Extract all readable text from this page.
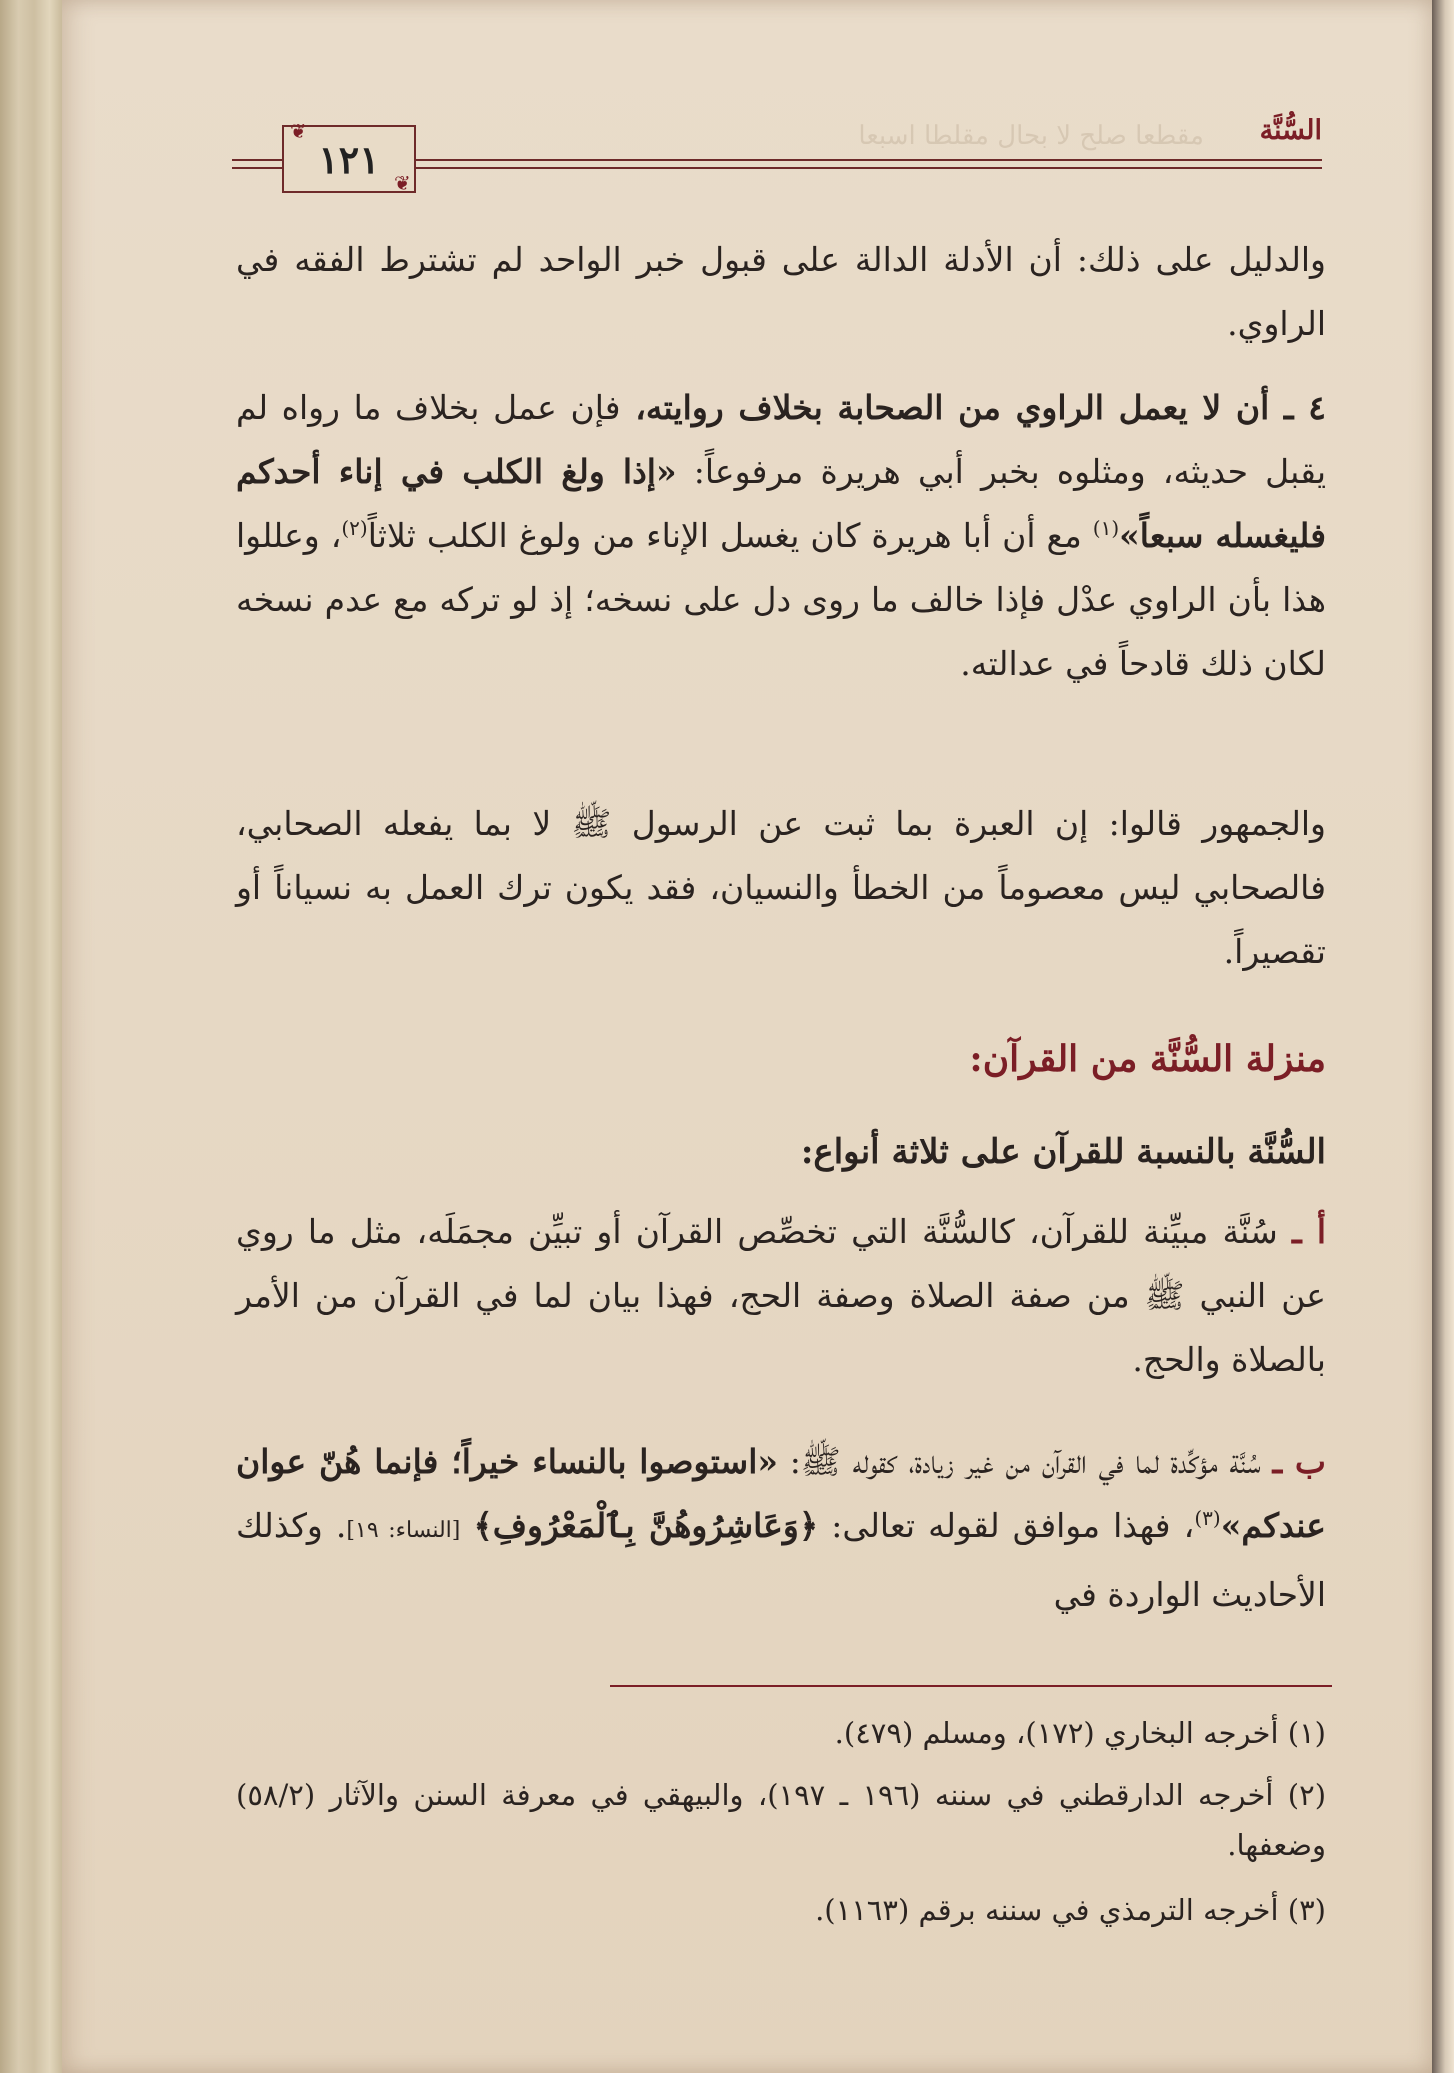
السُّنَّة
مقطعا صلح لا بحال مقلطا اسبعا
١٢١
❦
❦
والدليل على ذلك: أن الأدلة الدالة على قبول خبر الواحد لم تشترط الفقه في الراوي.
٤ ـ أن لا يعمل الراوي من الصحابة بخلاف روايته، فإن عمل بخلاف ما رواه لم يقبل حديثه، ومثلوه بخبر أبي هريرة مرفوعاً: «إذا ولغ الكلب في إناء أحدكم فليغسله سبعاً»$^{(١)}$ مع أن أبا هريرة كان يغسل الإناء من ولوغ الكلب ثلاثاً$^{(٢)}$، وعللوا هذا بأن الراوي عدْل فإذا خالف ما روى دل على نسخه؛ إذ لو تركه مع عدم نسخه لكان ذلك قادحاً في عدالته.
والجمهور قالوا: إن العبرة بما ثبت عن الرسول ﷺ لا بما يفعله الصحابي، فالصحابي ليس معصوماً من الخطأ والنسيان، فقد يكون ترك العمل به نسياناً أو تقصيراً.
منزلة السُّنَّة من القرآن:
السُّنَّة بالنسبة للقرآن على ثلاثة أنواع:
أ ـ سُنَّة مبيِّنة للقرآن، كالسُّنَّة التي تخصِّص القرآن أو تبيِّن مجمَلَه، مثل ما روي عن النبي ﷺ من صفة الصلاة وصفة الحج، فهذا بيان لما في القرآن من الأمر بالصلاة والحج.
ب ـ سُنَّة مؤكِّدة لما في القرآن من غير زيادة، كقوله ﷺ: «استوصوا بالنساء خيراً؛ فإنما هُنّ عوان عندكم»$^{(٣)}$، فهذا موافق لقوله تعالى: ﴿وَعَاشِرُوهُنَّ بِٱلْمَعْرُوفِ﴾ [النساء: ١٩]. وكذلك الأحاديث الواردة في
(١) أخرجه البخاري (١٧٢)، ومسلم (٤٧٩).
(٢) أخرجه الدارقطني في سننه (١٩٦ ـ ١٩٧)، والبيهقي في معرفة السنن والآثار (٥٨/٢) وضعفها.
(٣) أخرجه الترمذي في سننه برقم (١١٦٣).
